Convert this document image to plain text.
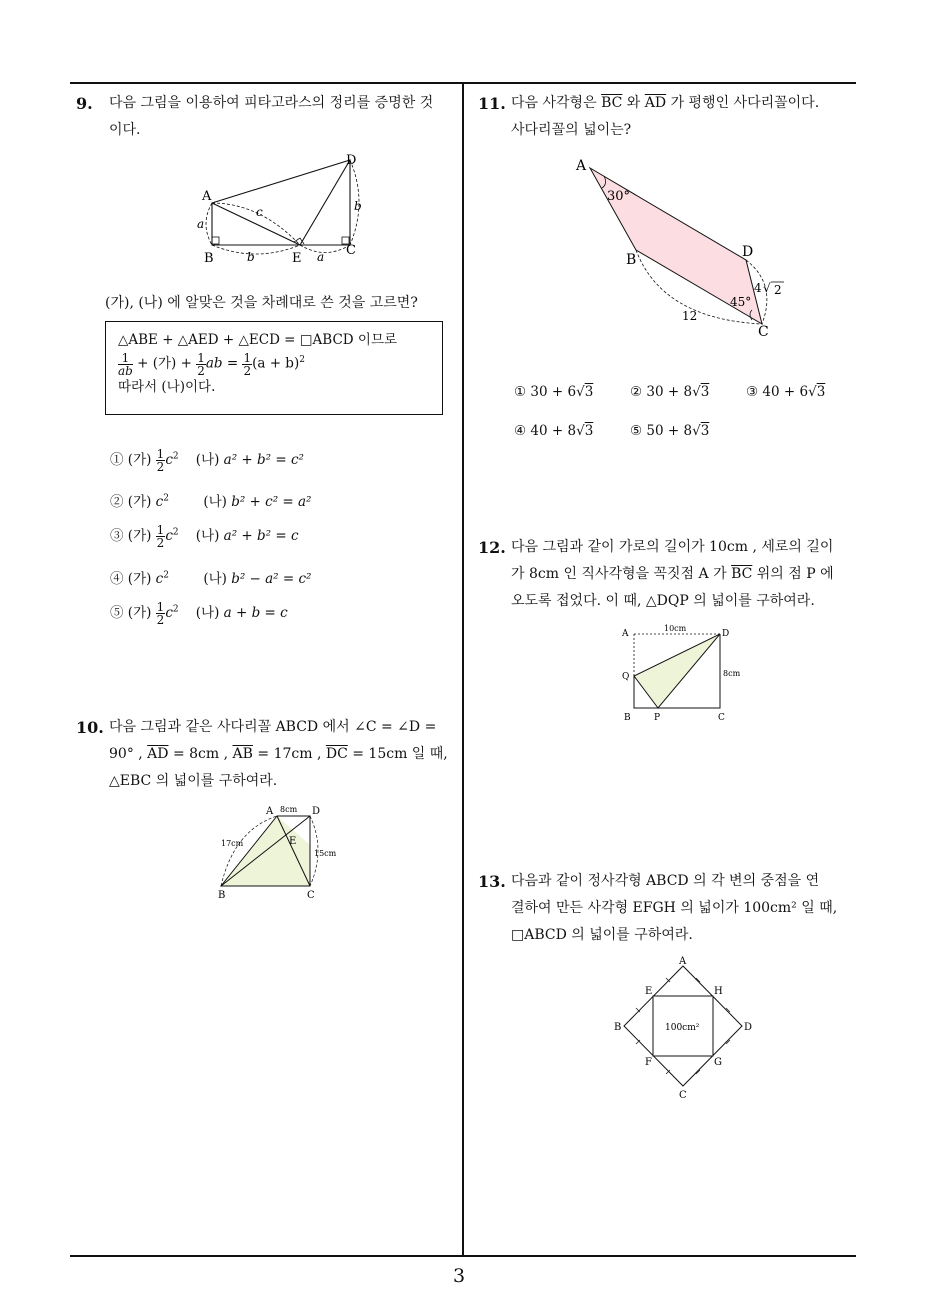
9. 다음 그림을 이용하여 피타고라스의 정리를 증명한 것이다.
A
B
C
D
E
a
b
c
b	a
(가), (나) 에 알맞은 것을 차례대로 쓴 것을 고르면?
△ABE + △AED + △ECD = □ABCD 이므로
$\frac{1}{ab}$ + (가) + $\frac{1}{2}$ ab = $\frac{1}{2} (a + b)^2$
따라서 (나)이다.
① (가) $\frac{1}{2} c^2$ (나) a² + b² = c²
② (가) $c^2$	(나) b² + c² = a²
③ (가) $\frac{1}{2} c^2$ (나) a² + b² = c
④ (가) $c^2$	(나) b² − a² = c²
⑤ (가) $\frac{1}{2} c^2$ (나) a + b = c
10. 다음 그림과 같은 사다리꼴 ABCD 에서 ∠C = ∠D =
90° , $\overline{AD} = 8cm$ , $\overline{AB} = 17cm$ , $\overline{DC} = 15cm$ 일 때,
△EBC 의 넓이를 구하여라.
A 8cm D
17cm	E
15cm
B	C
11. 다음 사각형은 $\overline{BC}$ 와 $\overline{AD}$ 가 평행인 사다리꼴이다.
사다리꼴의 넓이는?
A
30°
B	D
4 √ 2
45°
12
C
① 30 + 6√3	② 30 + 8√3	③ 40 + 6√3
④ 40 + 8√3	⑤ 50 + 8√3
12. 다음 그림과 같이 가로의 길이가 10cm , 세로의 길이
가 8cm 인 직사각형을 꼭짓점 A 가 $\overline{BC}$ 위의 점 P 에
오도록 접었다. 이 때, △DQP 의 넓이를 구하여라.
A
10cm
D
Q	8cm
B	P	C
13. 다음과 같이 정사각형 ABCD 의 각 변의 중점을 연
결하여 만든 사각형 EFGH 의 넓이가 100cm² 일 때,
□ABCD 의 넓이를 구하여라.
A
E	H
B	100cm²	D
F	G
C
3
